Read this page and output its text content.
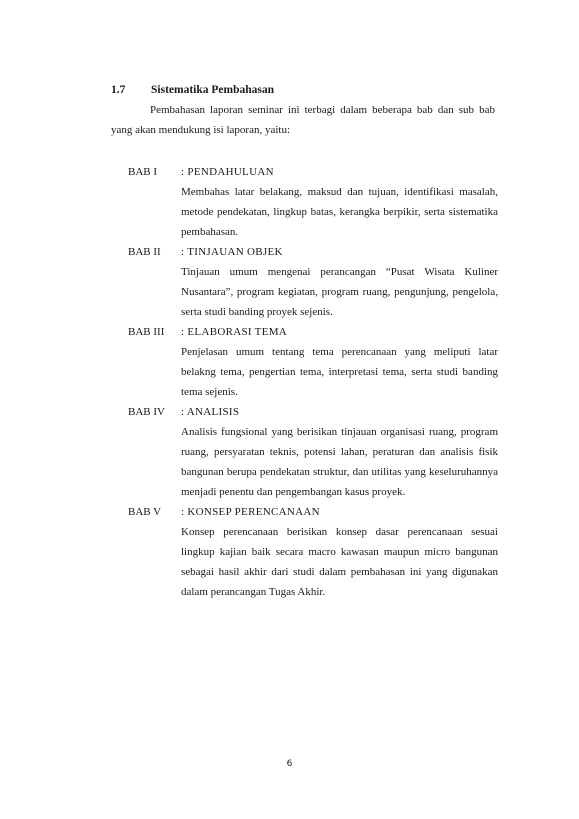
1.7 Sistematika Pembahasan
Pembahasan laporan seminar ini terbagi dalam beberapa bab dan sub bab yang akan mendukung isi laporan, yaitu:
BAB I	: PENDAHULUAN
Membahas latar belakang, maksud dan tujuan, identifikasi masalah, metode pendekatan, lingkup batas, kerangka berpikir, serta sistematika pembahasan.
BAB II	: TINJAUAN OBJEK
Tinjauan umum mengenai perancangan “Pusat Wisata Kuliner Nusantara”, program kegiatan, program ruang, pengunjung, pengelola, serta studi banding proyek sejenis.
BAB III	: ELABORASI TEMA
Penjelasan umum tentang tema perencanaan yang meliputi latar belakng tema, pengertian tema, interpretasi tema, serta studi banding tema sejenis.
BAB IV	: ANALISIS
Analisis fungsional yang berisikan tinjauan organisasi ruang, program ruang, persyaratan teknis, potensi lahan, peraturan dan analisis fisik bangunan berupa pendekatan struktur, dan utilitas yang keseluruhannya menjadi penentu dan pengembangan kasus proyek.
BAB V	: KONSEP PERENCANAAN
Konsep perencanaan berisikan konsep dasar perencanaan sesuai lingkup kajian baik secara macro kawasan maupun micro bangunan sebagai hasil akhir dari studi dalam pembahasan ini yang digunakan dalam perancangan Tugas Akhir.
6
